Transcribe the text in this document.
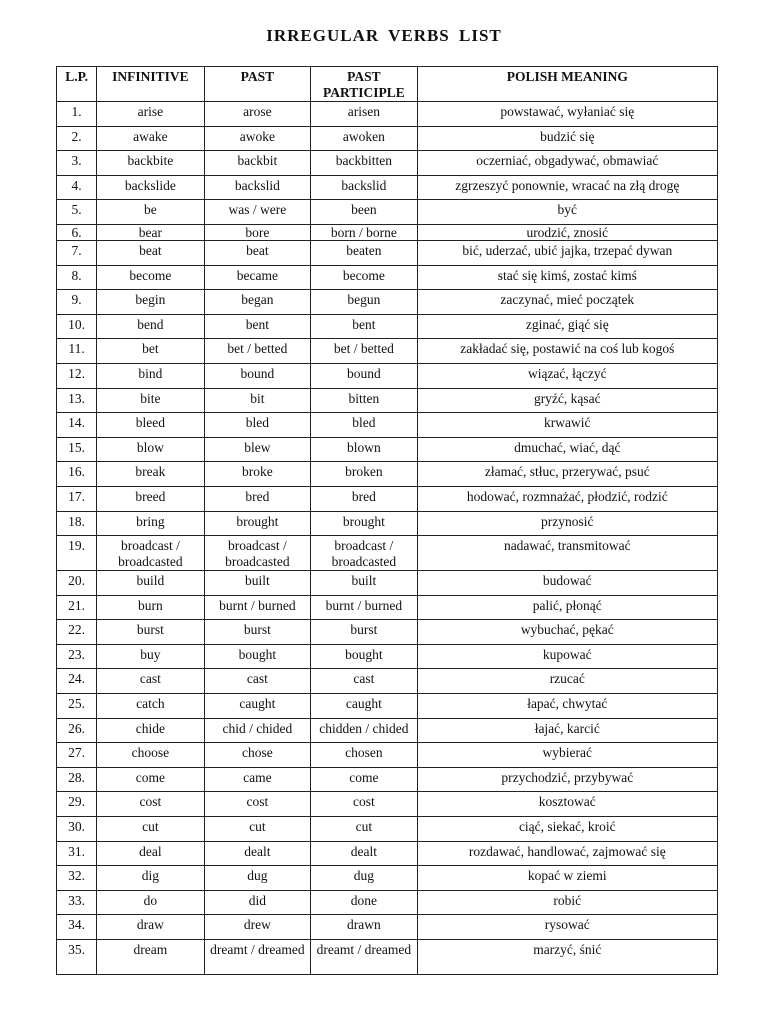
IRREGULAR VERBS LIST
L.P.	INFINITIVE	PAST	PAST PARTICIPLE	POLISH MEANING
1.	arise	arose	arisen	powstawać, wyłaniać się
2.	awake	awoke	awoken	budzić się
3.	backbite	backbit	backbitten	oczerniać, obgadywać, obmawiać
4.	backslide	backslid	backslid	zgrzeszyć ponownie, wracać na złą drogę
5.	be	was / were	been	być
6.	bear	bore	born / borne	urodzić, znosić
7.	beat	beat	beaten	bić, uderzać, ubić jajka, trzepać dywan
8.	become	became	become	stać się kimś, zostać kimś
9.	begin	began	begun	zaczynać, mieć początek
10.	bend	bent	bent	zginać, giąć się
11.	bet	bet / betted	bet / betted	zakładać się, postawić na coś lub kogoś
12.	bind	bound	bound	wiązać, łączyć
13.	bite	bit	bitten	gryźć, kąsać
14.	bleed	bled	bled	krwawić
15.	blow	blew	blown	dmuchać, wiać, dąć
16.	break	broke	broken	złamać, stłuc, przerywać, psuć
17.	breed	bred	bred	hodować, rozmnażać, płodzić, rodzić
18.	bring	brought	brought	przynosić
19.	broadcast / broadcasted	broadcast / broadcasted	broadcast / broadcasted	nadawać, transmitować
20.	build	built	built	budować
21.	burn	burnt / burned	burnt / burned	palić, płonąć
22.	burst	burst	burst	wybuchać, pękać
23.	buy	bought	bought	kupować
24.	cast	cast	cast	rzucać
25.	catch	caught	caught	łapać, chwytać
26.	chide	chid / chided	chidden / chided	łajać, karcić
27.	choose	chose	chosen	wybierać
28.	come	came	come	przychodzić, przybywać
29.	cost	cost	cost	kosztować
30.	cut	cut	cut	ciąć, siekać, kroić
31.	deal	dealt	dealt	rozdawać, handlować, zajmować się
32.	dig	dug	dug	kopać w ziemi
33.	do	did	done	robić
34.	draw	drew	drawn	rysować
35.	dream	dreamt / dreamed	dreamt / dreamed	marzyć, śnić
